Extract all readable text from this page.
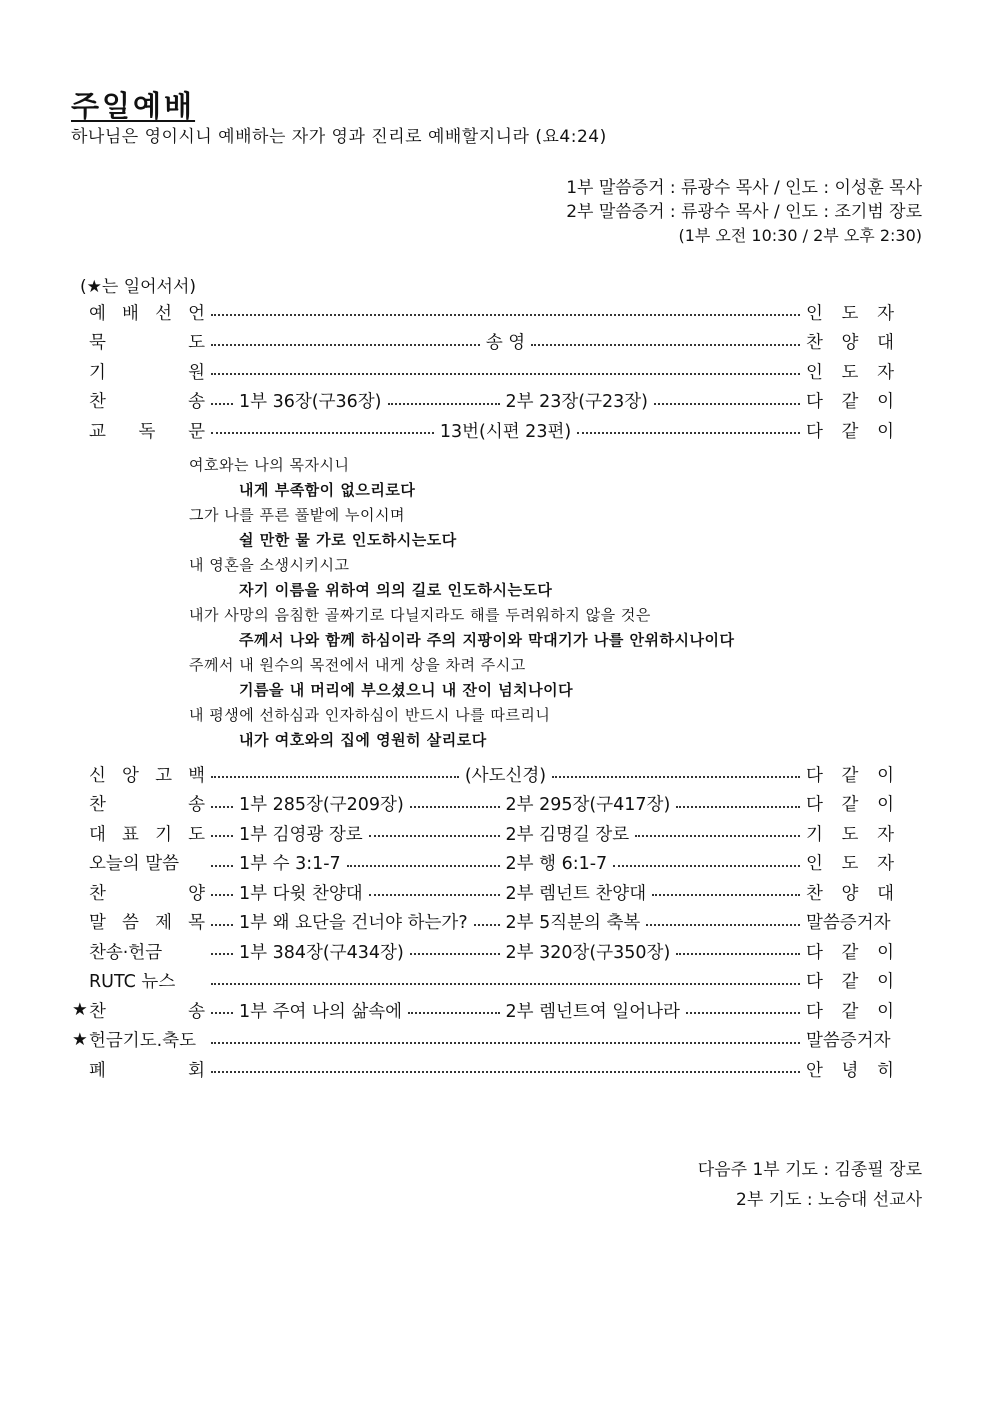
주일예배
하나님은 영이시니 예배하는 자가 영과 진리로 예배할지니라 (요4:24)
1부 말씀증거 : 류광수 목사 / 인도 : 이성훈 목사
2부 말씀증거 : 류광수 목사 / 인도 : 조기범 장로
(1부 오전 10:30 / 2부 오후 2:30)
(★는 일어서서)
예 배 선 언	인 도 자
묵	도	송 영	찬 양 대
기	원	인 도 자
찬	송 1부 36장(구36장)	2부 23장(구23장)	다 같 이
교 독 문	13번(시편 23편)	다 같 이
여호와는 나의 목자시니
내게 부족함이 없으리로다
그가 나를 푸른 풀밭에 누이시며
쉴 만한 물 가로 인도하시는도다
내 영혼을 소생시키시고
자기 이름을 위하여 의의 길로 인도하시는도다
내가 사망의 음침한 골짜기로 다닐지라도 해를 두려워하지 않을 것은
주께서 나와 함께 하심이라 주의 지팡이와 막대기가 나를 안위하시나이다
주께서 내 원수의 목전에서 내게 상을 차려 주시고
기름을 내 머리에 부으셨으니 내 잔이 넘치나이다
내 평생에 선하심과 인자하심이 반드시 나를 따르리니
내가 여호와의 집에 영원히 살리로다
신 앙 고 백	(사도신경)	다 같 이
찬	송 1부 285장(구209장)	2부 295장(구417장)	다 같 이
대 표 기 도 1부 김영광 장로	2부 김명길 장로	기 도 자
오늘의 말씀	1부 수 3:1-7	2부 행 6:1-7	인 도 자
찬	양 1부 다윗 찬양대	2부 렘넌트 찬양대	찬 양 대
말 씀 제 목 1부 왜 요단을 건너야 하는가? 2부 5직분의 축복	말씀증거자
찬송·헌금	1부 384장(구434장)	2부 320장(구350장)	다 같 이
RUTC 뉴스	다 같 이
★ 찬	송 1부 주여 나의 삶속에	2부 렘넌트여 일어나라	다 같 이
★ 헌금기도.축도	말씀증거자
폐	회	안 녕 히
다음주 1부 기도 : 김종필 장로
2부 기도 : 노승대 선교사
